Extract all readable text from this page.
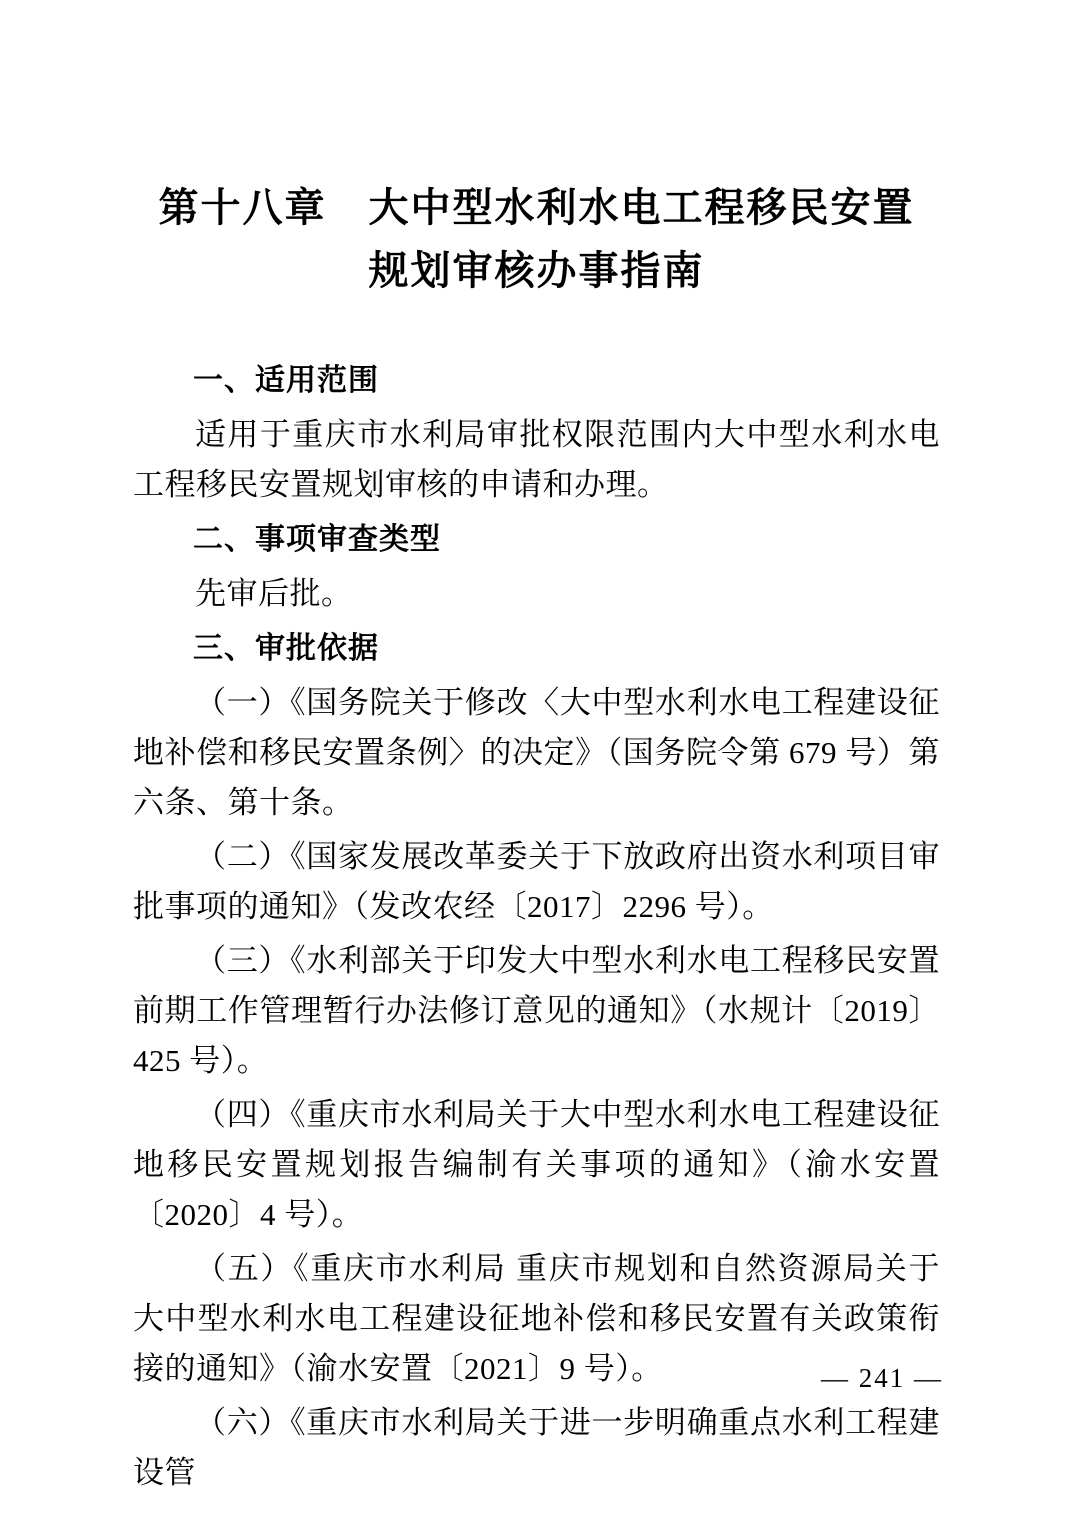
第十八章　大中型水利水电工程移民安置
规划审核办事指南
一、适用范围

适用于重庆市水利局审批权限范围内大中型水利水电工程移民安置规划审核的申请和办理。

二、事项审查类型

先审后批。

三、审批依据

（一）《国务院关于修改〈大中型水利水电工程建设征地补偿和移民安置条例〉的决定》（国务院令第 679 号）第六条、第十条。

（二）《国家发展改革委关于下放政府出资水利项目审批事项的通知》（发改农经〔2017〕2296 号）。

（三）《水利部关于印发大中型水利水电工程移民安置前期工作管理暂行办法修订意见的通知》（水规计〔2019〕425 号）。

（四）《重庆市水利局关于大中型水利水电工程建设征地移民安置规划报告编制有关事项的通知》（渝水安置〔2020〕4 号）。

（五）《重庆市水利局 重庆市规划和自然资源局关于大中型水利水电工程建设征地补偿和移民安置有关政策衔接的通知》（渝水安置〔2021〕9 号）。

（六）《重庆市水利局关于进一步明确重点水利工程建设管

— 241 —
